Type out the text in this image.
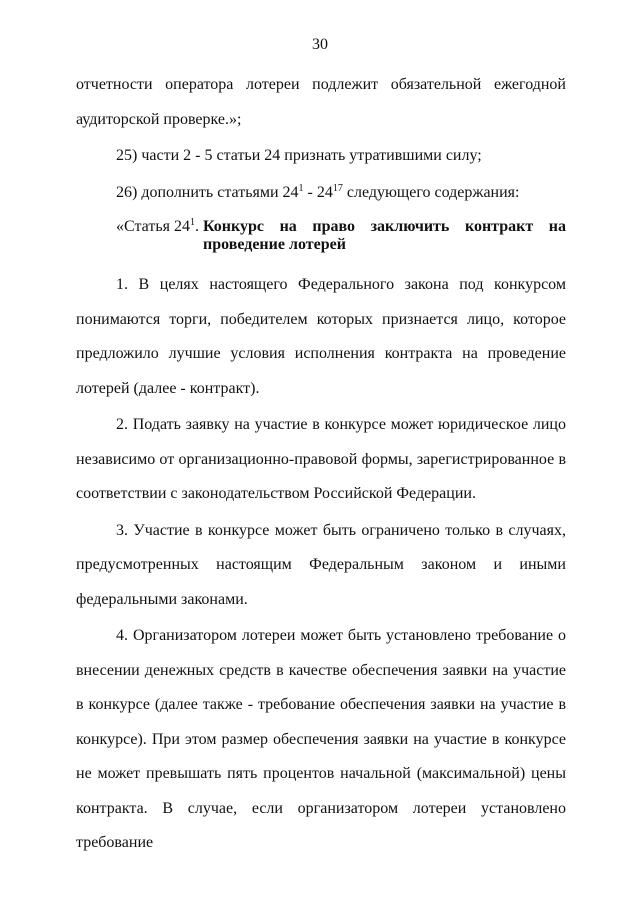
30

отчетности оператора лотереи подлежит обязательной ежегодной аудиторской проверке.»;

25) части 2 - 5 статьи 24 признать утратившими силу;

26) дополнить статьями $24^1 - 24^{17}$ следующего содержания:

«Статья $24^1$. Конкурс на право заключить контракт на
проведение лотерей

1. В целях настоящего Федерального закона под конкурсом понимаются торги, победителем которых признается лицо, которое предложило лучшие условия исполнения контракта на проведение лотерей (далее - контракт).

2. Подать заявку на участие в конкурсе может юридическое лицо независимо от организационно-правовой формы, зарегистрированное в соответствии с законодательством Российской Федерации.

3. Участие в конкурсе может быть ограничено только в случаях, предусмотренных настоящим Федеральным законом и иными федеральными законами.

4. Организатором лотереи может быть установлено требование о внесении денежных средств в качестве обеспечения заявки на участие в конкурсе (далее также - требование обеспечения заявки на участие в конкурсе). При этом размер обеспечения заявки на участие в конкурсе не может превышать пять процентов начальной (максимальной) цены контракта. В случае, если организатором лотереи установлено требование
